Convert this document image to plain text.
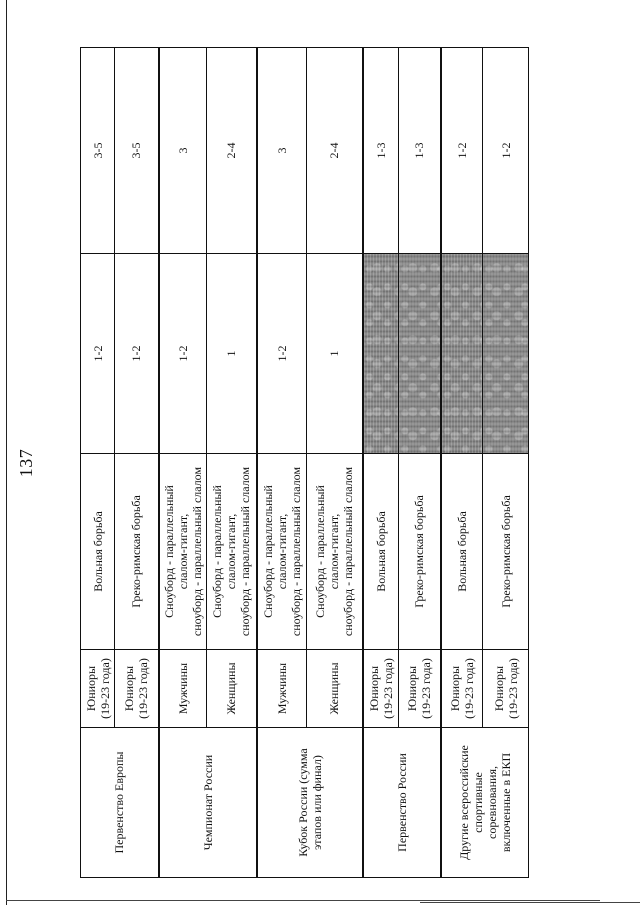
137
Первенство Европы	Юниоры
(19-23 года)	Вольная борьба	1-2	3-5
	Юниоры
(19-23 года)	Греко-римская борьба	1-2	3-5
Чемпионат России	Мужчины	Сноуборд - параллельный
слалом-гигант,
сноуборд - параллельный слалом	1-2	3
	Женщины	Сноуборд - параллельный
слалом-гигант,
сноуборд - параллельный слалом	1	2-4
Кубок России (сумма
этапов или финал)	Мужчины	Сноуборд - параллельный
слалом-гигант,
сноуборд - параллельный слалом	1-2	3
	Женщины	Сноуборд - параллельный
слалом-гигант,
сноуборд - параллельный слалом	1	2-4
Первенство России	Юниоры
(19-23 года)	Вольная борьба		1-3
	Юниоры
(19-23 года)	Греко-римская борьба		1-3
Другие всероссийские
спортивные
соревнования,
включенные в ЕКП	Юниоры
(19-23 года)	Вольная борьба		1-2
	Юниоры
(19-23 года)	Греко-римская борьба		1-2
